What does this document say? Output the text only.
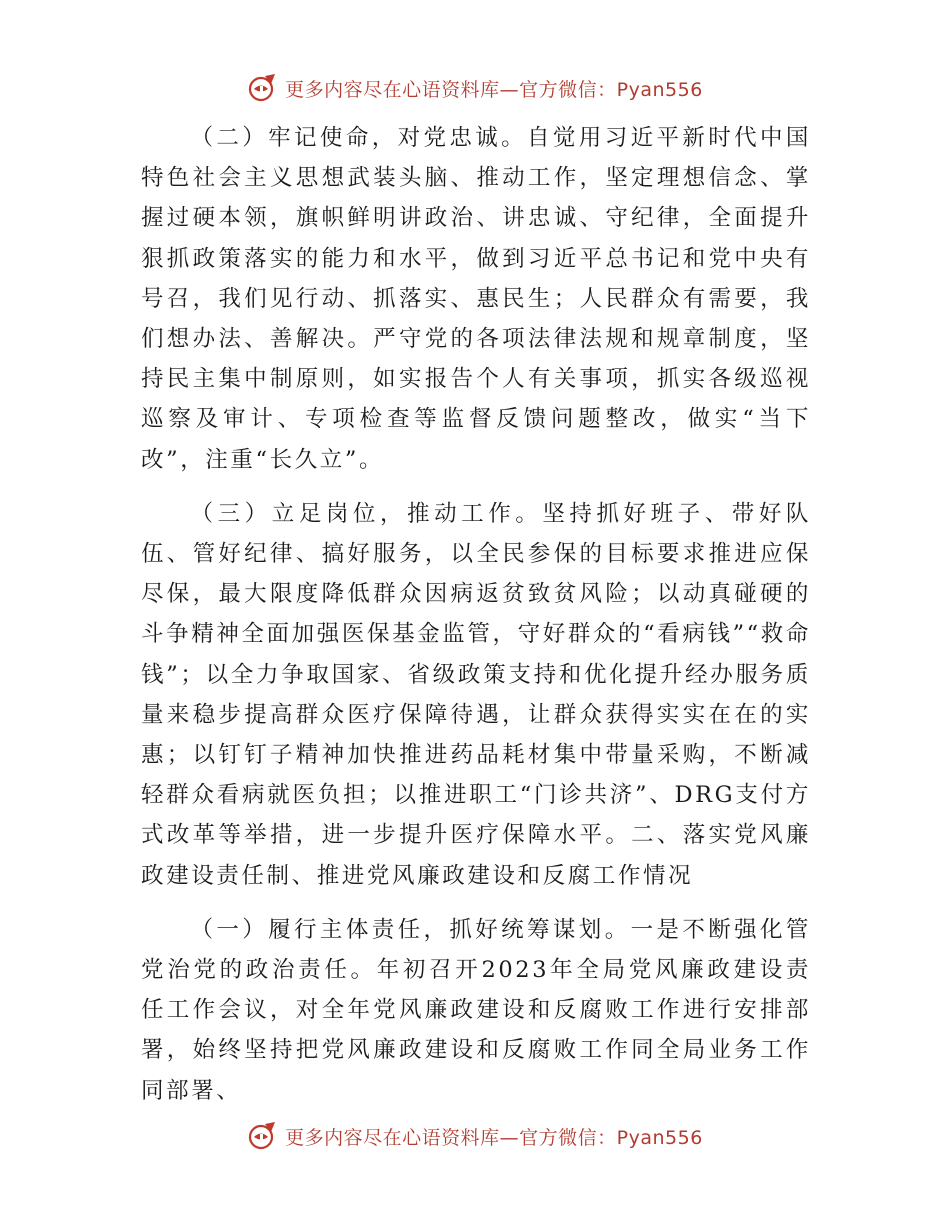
更多内容尽在心语资料库—官方微信：Pyan556

（二）牢记使命，对党忠诚。自觉用习近平新时代中国特色社会主义思想武装头脑、推动工作，坚定理想信念、掌握过硬本领，旗帜鲜明讲政治、讲忠诚、守纪律，全面提升狠抓政策落实的能力和水平，做到习近平总书记和党中央有号召，我们见行动、抓落实、惠民生；人民群众有需要，我们想办法、善解决。严守党的各项法律法规和规章制度，坚持民主集中制原则，如实报告个人有关事项，抓实各级巡视巡察及审计、专项检查等监督反馈问题整改，做实“当下改”，注重“长久立”。

（三）立足岗位，推动工作。坚持抓好班子、带好队伍、管好纪律、搞好服务，以全民参保的目标要求推进应保尽保，最大限度降低群众因病返贫致贫风险；以动真碰硬的斗争精神全面加强医保基金监管，守好群众的“看病钱”“救命钱”；以全力争取国家、省级政策支持和优化提升经办服务质量来稳步提高群众医疗保障待遇，让群众获得实实在在的实惠；以钉钉子精神加快推进药品耗材集中带量采购，不断减轻群众看病就医负担；以推进职工“门诊共济”、DRG支付方式改革等举措，进一步提升医疗保障水平。二、落实党风廉政建设责任制、推进党风廉政建设和反腐工作情况

（一）履行主体责任，抓好统筹谋划。一是不断强化管党治党的政治责任。年初召开2023年全局党风廉政建设责任工作会议，对全年党风廉政建设和反腐败工作进行安排部署，始终坚持把党风廉政建设和反腐败工作同全局业务工作同部署、

更多内容尽在心语资料库—官方微信：Pyan556
